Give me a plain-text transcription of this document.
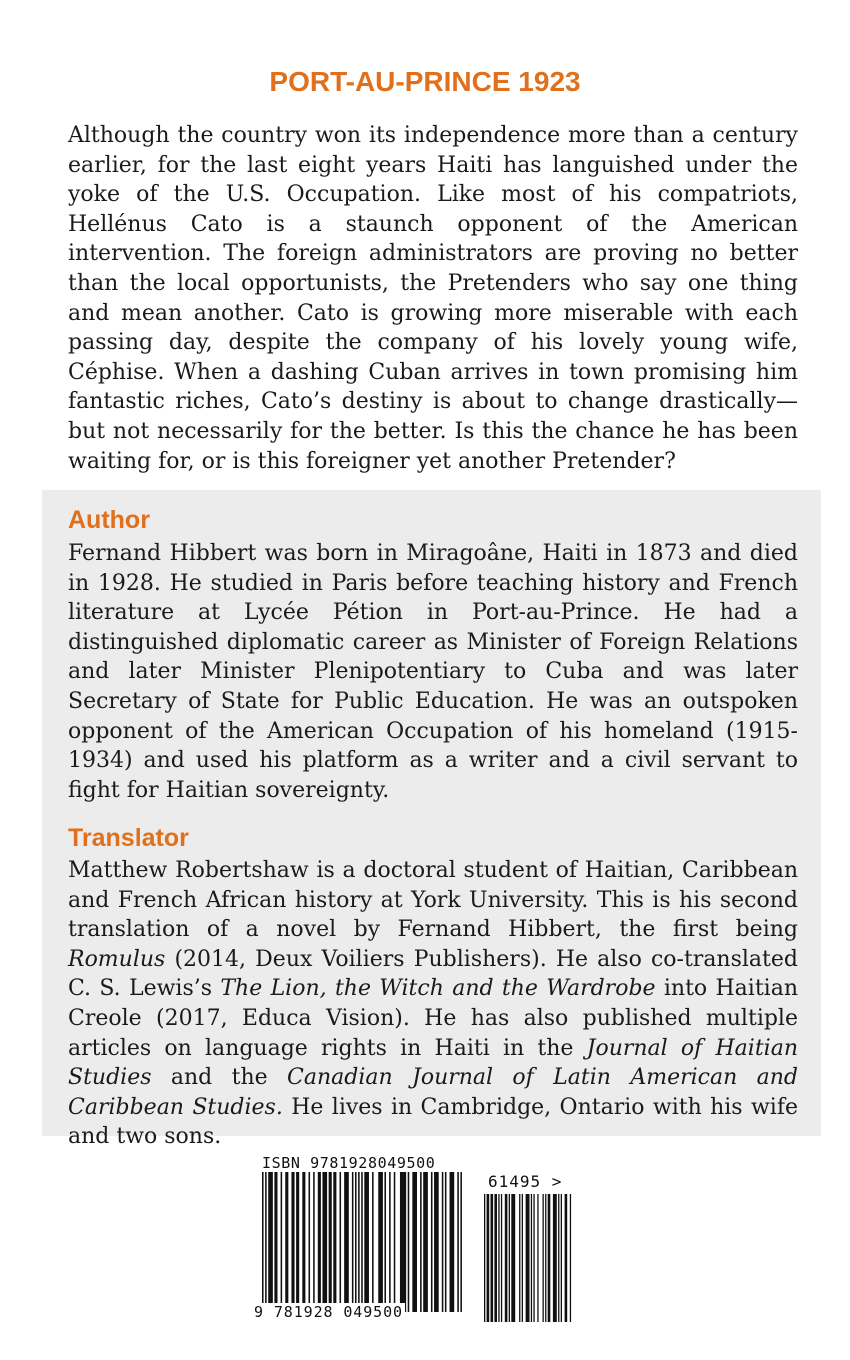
PORT-AU-PRINCE 1923

Although the country won its independence more than a century earlier, for the last eight years Haiti has languished under the yoke of the U.S. Occupation. Like most of his compatriots, Hellénus Cato is a staunch opponent of the American intervention. The foreign administrators are proving no better than the local opportunists, the Pretenders who say one thing and mean another. Cato is growing more miserable with each passing day, despite the company of his lovely young wife, Céphise. When a dashing Cuban arrives in town promising him fantastic riches, Cato’s destiny is about to change drastically—but not necessarily for the better. Is this the chance he has been waiting for, or is this foreigner yet another Pretender?

Author

Fernand Hibbert was born in Miragoâne, Haiti in 1873 and died in 1928. He studied in Paris before teaching history and French literature at Lycée Pétion in Port-au-Prince. He had a distinguished diplomatic career as Minister of Foreign Relations and later Minister Plenipotentiary to Cuba and was later Secretary of State for Public Education. He was an outspoken opponent of the American Occupation of his homeland (1915-1934) and used his platform as a writer and a civil servant to fight for Haitian sovereignty.

Translator

Matthew Robertshaw is a doctoral student of Haitian, Caribbean and French African history at York University. This is his second translation of a novel by Fernand Hibbert, the first being Romulus (2014, Deux Voiliers Publishers). He also co-translated C. S. Lewis’s The Lion, the Witch and the Wardrobe into Haitian Creole (2017, Educa Vision). He has also published multiple articles on language rights in Haiti in the Journal of Haitian Studies and the Canadian Journal of Latin American and Caribbean Studies. He lives in Cambridge, Ontario with his wife and two sons.

ISBN 9781928049500
9 781928 049500
61495 >
